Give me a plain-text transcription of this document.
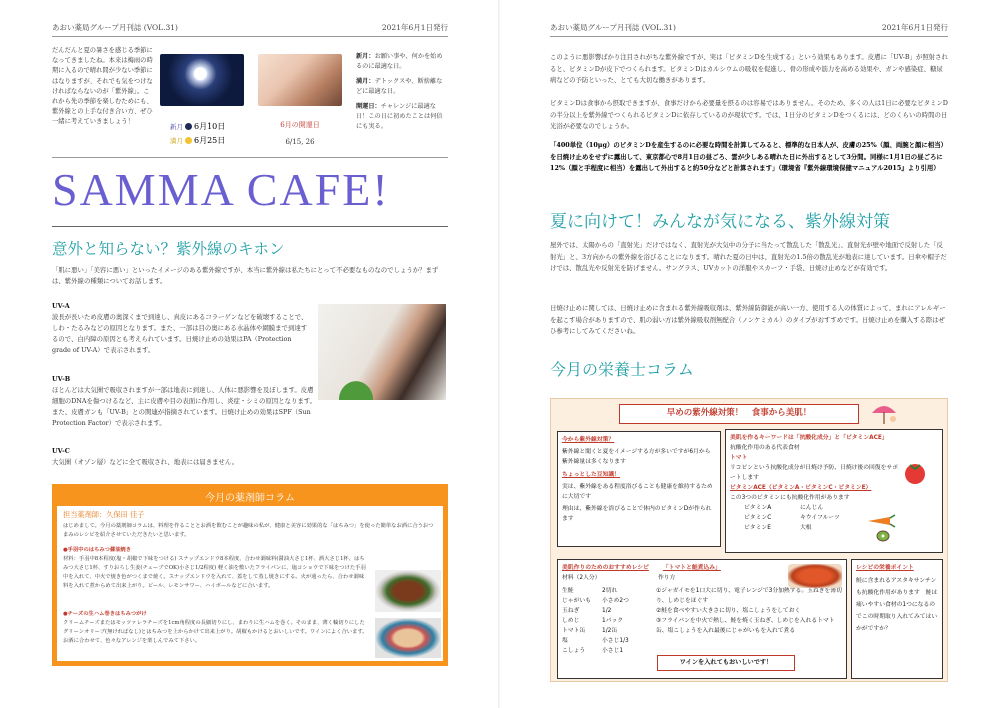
あおい薬局グループ月刊誌 (VOL.31)	2021年6月1日発行
だんだんと夏の暑さを感じる季節になってきましたね。本来は梅雨の時期に入るので晴れ間が少ない季節にはなりますが、それでも気をつけなければならないのが「紫外線」。これから先の季節を楽しむためにも、紫外線との上手な付き合い方、ぜひ一緒に考えていきましょう！
新月 6月10日
満月 6月25日
6月の開運日
6/15, 26

新月：お願い事や、何かを始めるのに最適な日。

満月：デトックスや、断捨離などに最適な日。

開運日：チャレンジに最適な日！この日に初めたことは何倍にも実る。

SAMMA CAFE!
意外と知らない？紫外線のキホン
「肌に悪い」「美容に悪い」といったイメージのある紫外線ですが、本当に紫外線は私たちにとって不必要なものなのでしょうか？まずは、紫外線の種類についてお話します。
UV-A
波長が長いため皮膚の奥深くまで到達し、真皮にあるコラーゲンなどを破壊することで、しわ・たるみなどの原因となります。また、一部は目の奥にある水晶体や網膜まで到達するので、白内障の原因とも考えられています。日焼け止めの効果はPA（Protection grade of UV-A）で表示されます。
UV-B

ほとんどは大気圏で吸収されますが一部は地表に到達し、人体に悪影響を及ぼします。皮膚細胞のDNAを傷つけるなど、主に皮膚や目の表面に作用し、炎症・シミの原因となります。また、皮膚ガンも「UV-B」との関連が指摘されています。日焼け止めの効果はSPF（Sun Protection Factor）で表示されます。
UV-C
大気圏（オゾン層）などに全て吸収され、地表には届きません。
今月の薬剤師コラム
担当薬剤師：久保田 佳子
はじめまして。今月の薬剤師コラムは、料理を作ることとお酒を飲むことが趣味の私が、健康と美容に効果的な「はちみつ」を使った簡単なお酒に合うおつまみのレシピを紹介させていただきたいと思います。
●手羽中のはちみつ醤油焼き
材料：手羽中8本程度(塩・胡椒で下味をつける) スナップエンドウ8本程度、合わせ調味料(醤油大さじ1杯、酒大さじ1杯、はちみつ大さじ1杯、すりおろし生姜(チューブでOK)小さじ1/2程度) 軽く油を敷いたフライパンに、塩コショウで下味をつけた手羽中を入れて、中火で焼き色がつくまで焼く。スナップエンドウを入れて、蓋をして蒸し焼きにする。火が通ったら、合わせ調味料を入れて煮からめて出来上がり。ビール、レモンサワー、ハイボールなどに合います。
●チーズの生ハム巻きはちみつがけ
クリームチーズまたはモッツァレラチーズを1cm角程度の長細切りにし、まわりに生ハムを巻く。そのまま、薄く輪切りにしたグリーンオリーブ(無ければなし)とはちみつを上からかけて出来上がり。胡椒もかけるとおいしいです。ワインによく合います。お酒に合わせて、色々なアレンジを楽しんでみて下さい。
あおい薬局グループ月刊誌 (VOL.31)	2021年6月1日発行
このように悪影響ばかり注目されがちな紫外線ですが、実は「ビタミンDを生成する」という効果もあります。皮膚に「UV-B」が照射されると、ビタミンDが皮下でつくられます。ビタミンDはカルシウムの吸収を促進し、骨の形成や筋力を高める効果や、ガンや感染症、糖尿病などの予防といった、とても大切な働きがあります。
ビタミンDは食事から摂取できますが、食事だけから必要量を摂るのは容易ではありません。そのため、多くの人は1日に必要なビタミンDの半分以上を紫外線でつくられるビタミンDに依存しているのが現状です。では、1日分のビタミンDをつくるには、どのくらいの時間の日光浴が必要なのでしょうか。
「400単位（10μg）のビタミンDを産生するのに必要な時間を計算してみると、標準的な日本人が、皮膚の25%（顔、両腕と顔に相当）を日焼け止めをせずに露出して、東京都心で8月1日の昼ごろ、雲が少しある晴れた日に外出するとして3分間。同様に1月1日の昼ごろに12%（顔と手程度に相当）を露出して外出すると約50分などと計算されます」（環境省『紫外線環境保健マニュアル2015』より引用）
夏に向けて！みんなが気になる、紫外線対策
屋外では、太陽からの「直射光」だけではなく、直射光が大気中の分子に当たって散乱した「散乱光」、直射光が壁や地面で反射した「反射光」と、3方向からの紫外線を浴びることになります。晴れた夏の日中は、直射光の1.5倍の散乱光が地表に達しています。日傘や帽子だけでは、散乱光や反射光を防げません。サングラス、UVカットの洋服やスカーフ・手袋、日焼け止めなどが有効です。
日焼け止めに関しては、日焼け止めに含まれる紫外線吸収剤は、紫外線防御能が高い一方、使用する人の体質によって、まれにアレルギーを起こす場合がありますので、肌の弱い方は紫外線吸収剤無配合（ノンケミカル）のタイプがおすすめです。日焼け止めを購入する際はぜひ参考にしてみてくださいね。
今月の栄養士コラム
早めの紫外線対策！　食事から美肌！
今から紫外線対策？
紫外線と聞くと夏をイメージする方が多いですが6月から紫外線量は多くなります
ちょっとした豆知識！
実は、紫外線をある程度浴びることも健康を維持するために大切です
理由は、紫外線を浴びることで体内のビタミンDが作られます
美肌を作るキーワードは「抗酸化成分」と「ビタミンACE」
抗酸化作用のある代表食材
トマト
リコピンという抗酸化成分が日焼け予防、日焼け後の回復をサポートします
ビタミンACE（ビタミンA・ビタミンC・ビタミンE）
この3つのビタミンにも抗酸化作用があります
ビタミンA	にんじん
ビタミンC	キウイフルーツ
ビタミンE	大根
美肌作りのためのおすすめレシピ 「トマトと鮭煮込み」
材料（2人分）	作り方
生鮭	2切れ
じゃがいも 小さめ2つ
玉ねぎ	1/2
しめじ	1パック
トマト缶	1/2缶
塩	小さじ1/3
こしょう	小さじ1
①ジャガイモを1口大に切り、電子レンジで3分加熱する。玉ねぎを薄切り、しめじをほぐす
②鮭を食べやすい大きさに切り、塩こしょうをしておく
③フライパンを中火で熱し、鮭を焼く玉ねぎ、しめじを入れるトマト缶、塩こしょうを入れ最後にじゃがいもを入れて煮る
ワインを入れてもおいしいです！
レシピの栄養ポイント
鮭に含まれるアスタキサンチンも抗酸化作用があります　鮭は痛いやすい食材の1つになるのでこの時期取り入れてみてはいかがですか？
